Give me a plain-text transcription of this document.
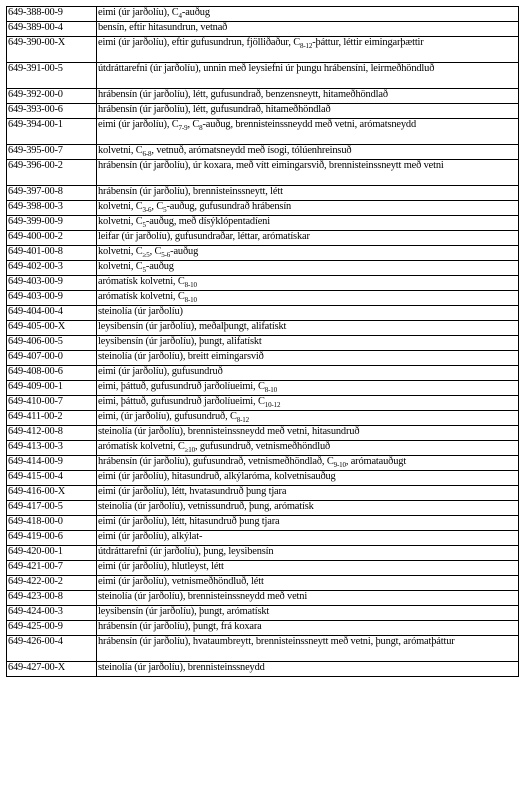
649-388-00-9	eimi (úr jarðolíu), $C_4$-auðug
649-389-00-4	bensín, eftir hitasundrun, vetnað
649-390-00-X	eimi (úr jarðolíu), eftir gufusundrun, fjölliðaður, $C_{8-12}$-þáttur, léttir eimingarþættir
649-391-00-5	útdráttarefni (úr jarðolíu), unnin með leysiefni úr þungu hrábensíni, leirmeðhöndluð
649-392-00-0	hrábensín (úr jarðolíu), létt, gufusundrað, benzensneytt, hitameðhöndlað
649-393-00-6	hrábensín (úr jarðolíu), létt, gufusundrað, hitameðhöndlað
649-394-00-1	eimi (úr jarðolíu), $C_{7-9}$, $C_8$-auðug, brennisteinssneydd með vetni, arómatsneydd
649-395-00-7	kolvetni, $C_{6-8}$, vetnuð, arómatsneydd með ísogi, tólúenhreinsuð
649-396-00-2	hrábensín (úr jarðolíu), úr koxara, með vítt eimingarsvið, brennisteinssneytt með vetni
649-397-00-8	hrábensín (úr jarðolíu), brennisteinssneytt, létt
649-398-00-3	kolvetni, $C_{3-6}$, $C_5$-auðug, gufusundrað hrábensín
649-399-00-9	kolvetni, $C_5$-auðug, með dísýklópentadíeni
649-400-00-2	leifar (úr jarðolíu), gufusundraðar, léttar, arómatískar
649-401-00-8	kolvetni, $C_{\ge 5}$, $C_{5-6}$-auðug
649-402-00-3	kolvetni, $C_5$-auðug
649-403-00-9	arómatísk kolvetni, $C_{8-10}$
649-403-00-9	arómatísk kolvetni, $C_{8-10}$
649-404-00-4	steinolía (úr jarðolíu)
649-405-00-X	leysibensín (úr jarðolíu), meðalþungt, alifatískt
649-406-00-5	leysibensín (úr jarðolíu), þungt, alifatískt
649-407-00-0	steinolía (úr jarðolíu), breitt eimingarsvið
649-408-00-6	eimi (úr jarðolíu), gufusundruð
649-409-00-1	eimi, þáttuð, gufusundruð jarðolíueimi, $C_{8-10}$
649-410-00-7	eimi, þáttuð, gufusundruð jarðolíueimi, $C_{10-12}$
649-411-00-2	eimi, (úr jarðolíu), gufusundruð, $C_{8-12}$
649-412-00-8	steinolía (úr jarðolíu), brennisteinssneydd með vetni, hitasundruð
649-413-00-3	arómatísk kolvetni, $C_{\ge 10}$, gufusundruð, vetnismeðhöndluð
649-414-00-9	hrábensín (úr jarðolíu), gufusundrað, vetnismeðhöndlað, $C_{9-10}$, arómatauðugt
649-415-00-4	eimi (úr jarðolíu), hitasundruð, alkýlaróma, kolvetnisauðug
649-416-00-X	eimi (úr jarðolíu), létt, hvatasundruð þung tjara
649-417-00-5	steinolía (úr jarðolíu), vetnissundruð, þung, arómatísk
649-418-00-0	eimi (úr jarðolíu), létt, hitasundruð þung tjara
649-419-00-6	eimi (úr jarðolíu), alkýlat-
649-420-00-1	útdráttarefni (úr jarðolíu), þung, leysibensín
649-421-00-7	eimi (úr jarðolíu), hlutleyst, létt
649-422-00-2	eimi (úr jarðolíu), vetnismeðhöndluð, létt
649-423-00-8	steinolía (úr jarðolíu), brennisteinssneydd með vetni
649-424-00-3	leysibensín (úr jarðolíu), þungt, arómatískt
649-425-00-9	hrábensín (úr jarðolíu), þungt, frá koxara
649-426-00-4	hrábensín (úr jarðolíu), hvataumbreytt, brennisteinssneytt með vetni, þungt, arómatþáttur
649-427-00-X	steinolía (úr jarðolíu), brennisteinssneydd
